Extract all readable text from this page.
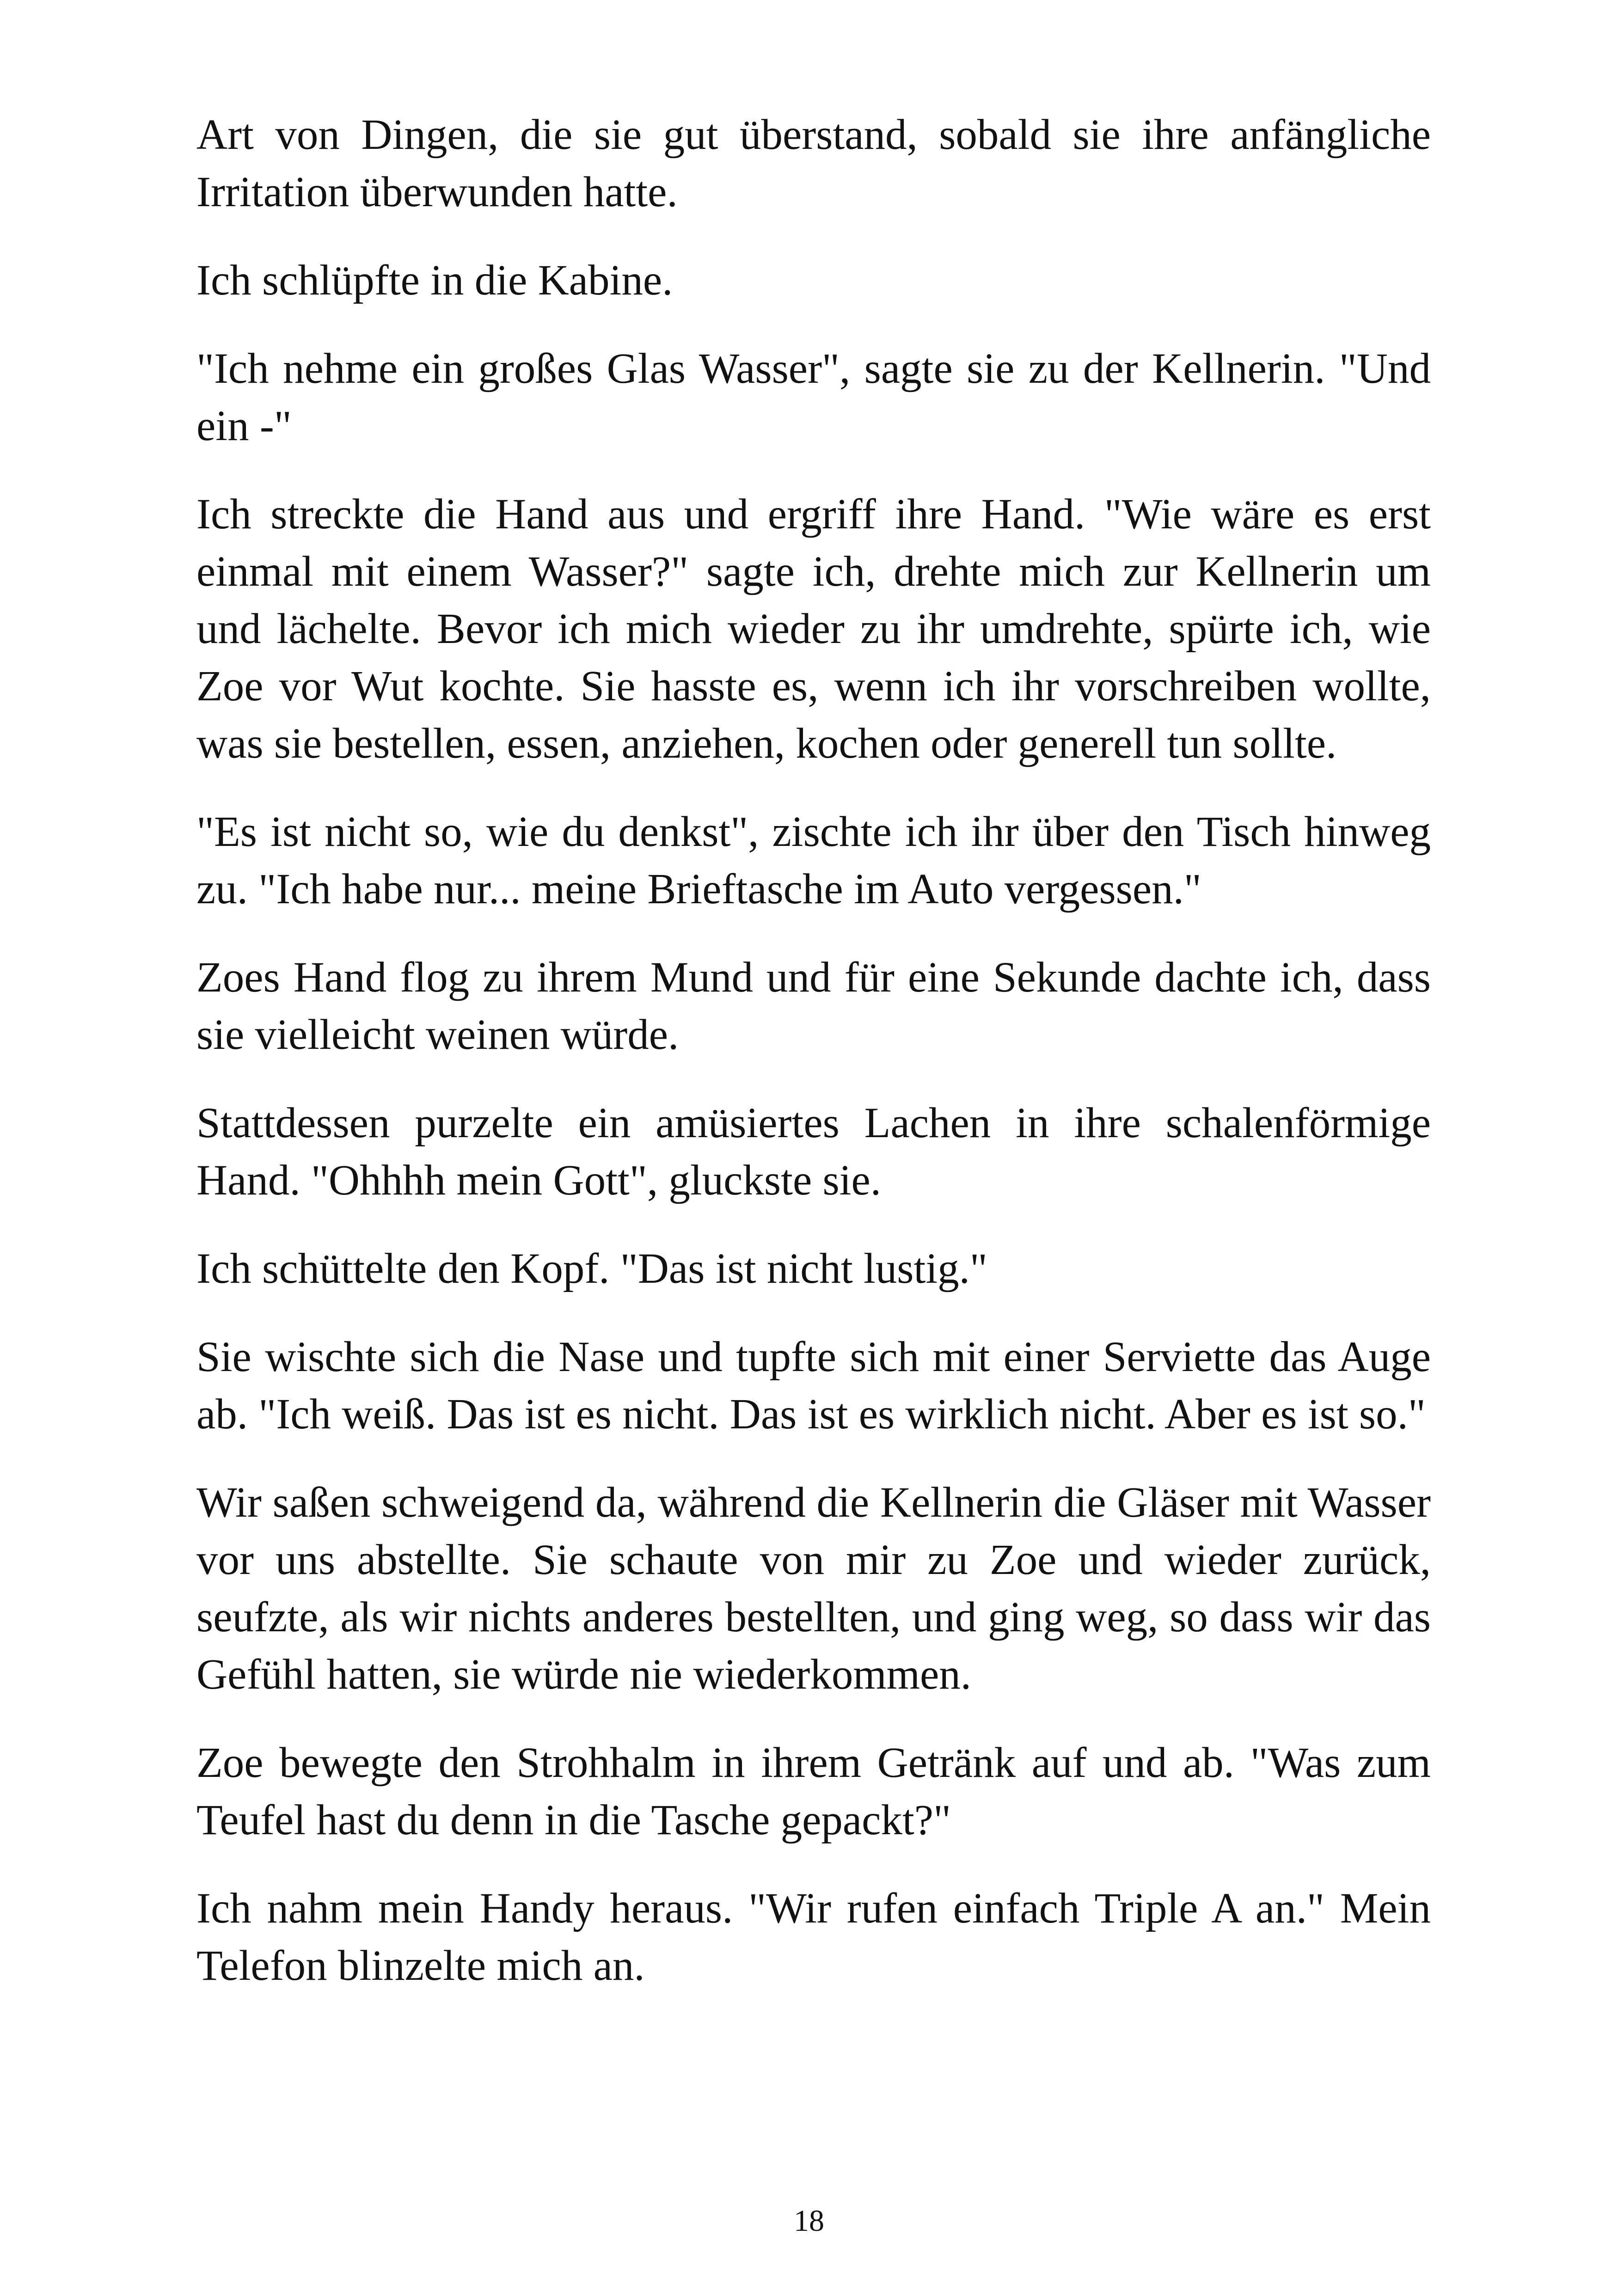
Art von Dingen, die sie gut überstand, sobald sie ihre anfängliche Irritation überwunden hatte.

Ich schlüpfte in die Kabine.

"Ich nehme ein großes Glas Wasser", sagte sie zu der Kellnerin. "Und ein -"

Ich streckte die Hand aus und ergriff ihre Hand. "Wie wäre es erst einmal mit einem Wasser?" sagte ich, drehte mich zur Kellnerin um und lächelte. Bevor ich mich wieder zu ihr umdrehte, spürte ich, wie Zoe vor Wut kochte. Sie hasste es, wenn ich ihr vorschreiben wollte, was sie bestellen, essen, anziehen, kochen oder generell tun sollte.

"Es ist nicht so, wie du denkst", zischte ich ihr über den Tisch hinweg zu. "Ich habe nur... meine Brieftasche im Auto vergessen."

Zoes Hand flog zu ihrem Mund und für eine Sekunde dachte ich, dass sie vielleicht weinen würde.

Stattdessen purzelte ein amüsiertes Lachen in ihre schalenförmige Hand. "Ohhhh mein Gott", gluckste sie.

Ich schüttelte den Kopf. "Das ist nicht lustig."

Sie wischte sich die Nase und tupfte sich mit einer Serviette das Auge ab. "Ich weiß. Das ist es nicht. Das ist es wirklich nicht. Aber es ist so."

Wir saßen schweigend da, während die Kellnerin die Gläser mit Wasser vor uns abstellte. Sie schaute von mir zu Zoe und wieder zurück, seufzte, als wir nichts anderes bestellten, und ging weg, so dass wir das Gefühl hatten, sie würde nie wiederkommen.

Zoe bewegte den Strohhalm in ihrem Getränk auf und ab. "Was zum Teufel hast du denn in die Tasche gepackt?"

Ich nahm mein Handy heraus. "Wir rufen einfach Triple A an." Mein Telefon blinzelte mich an.

18
